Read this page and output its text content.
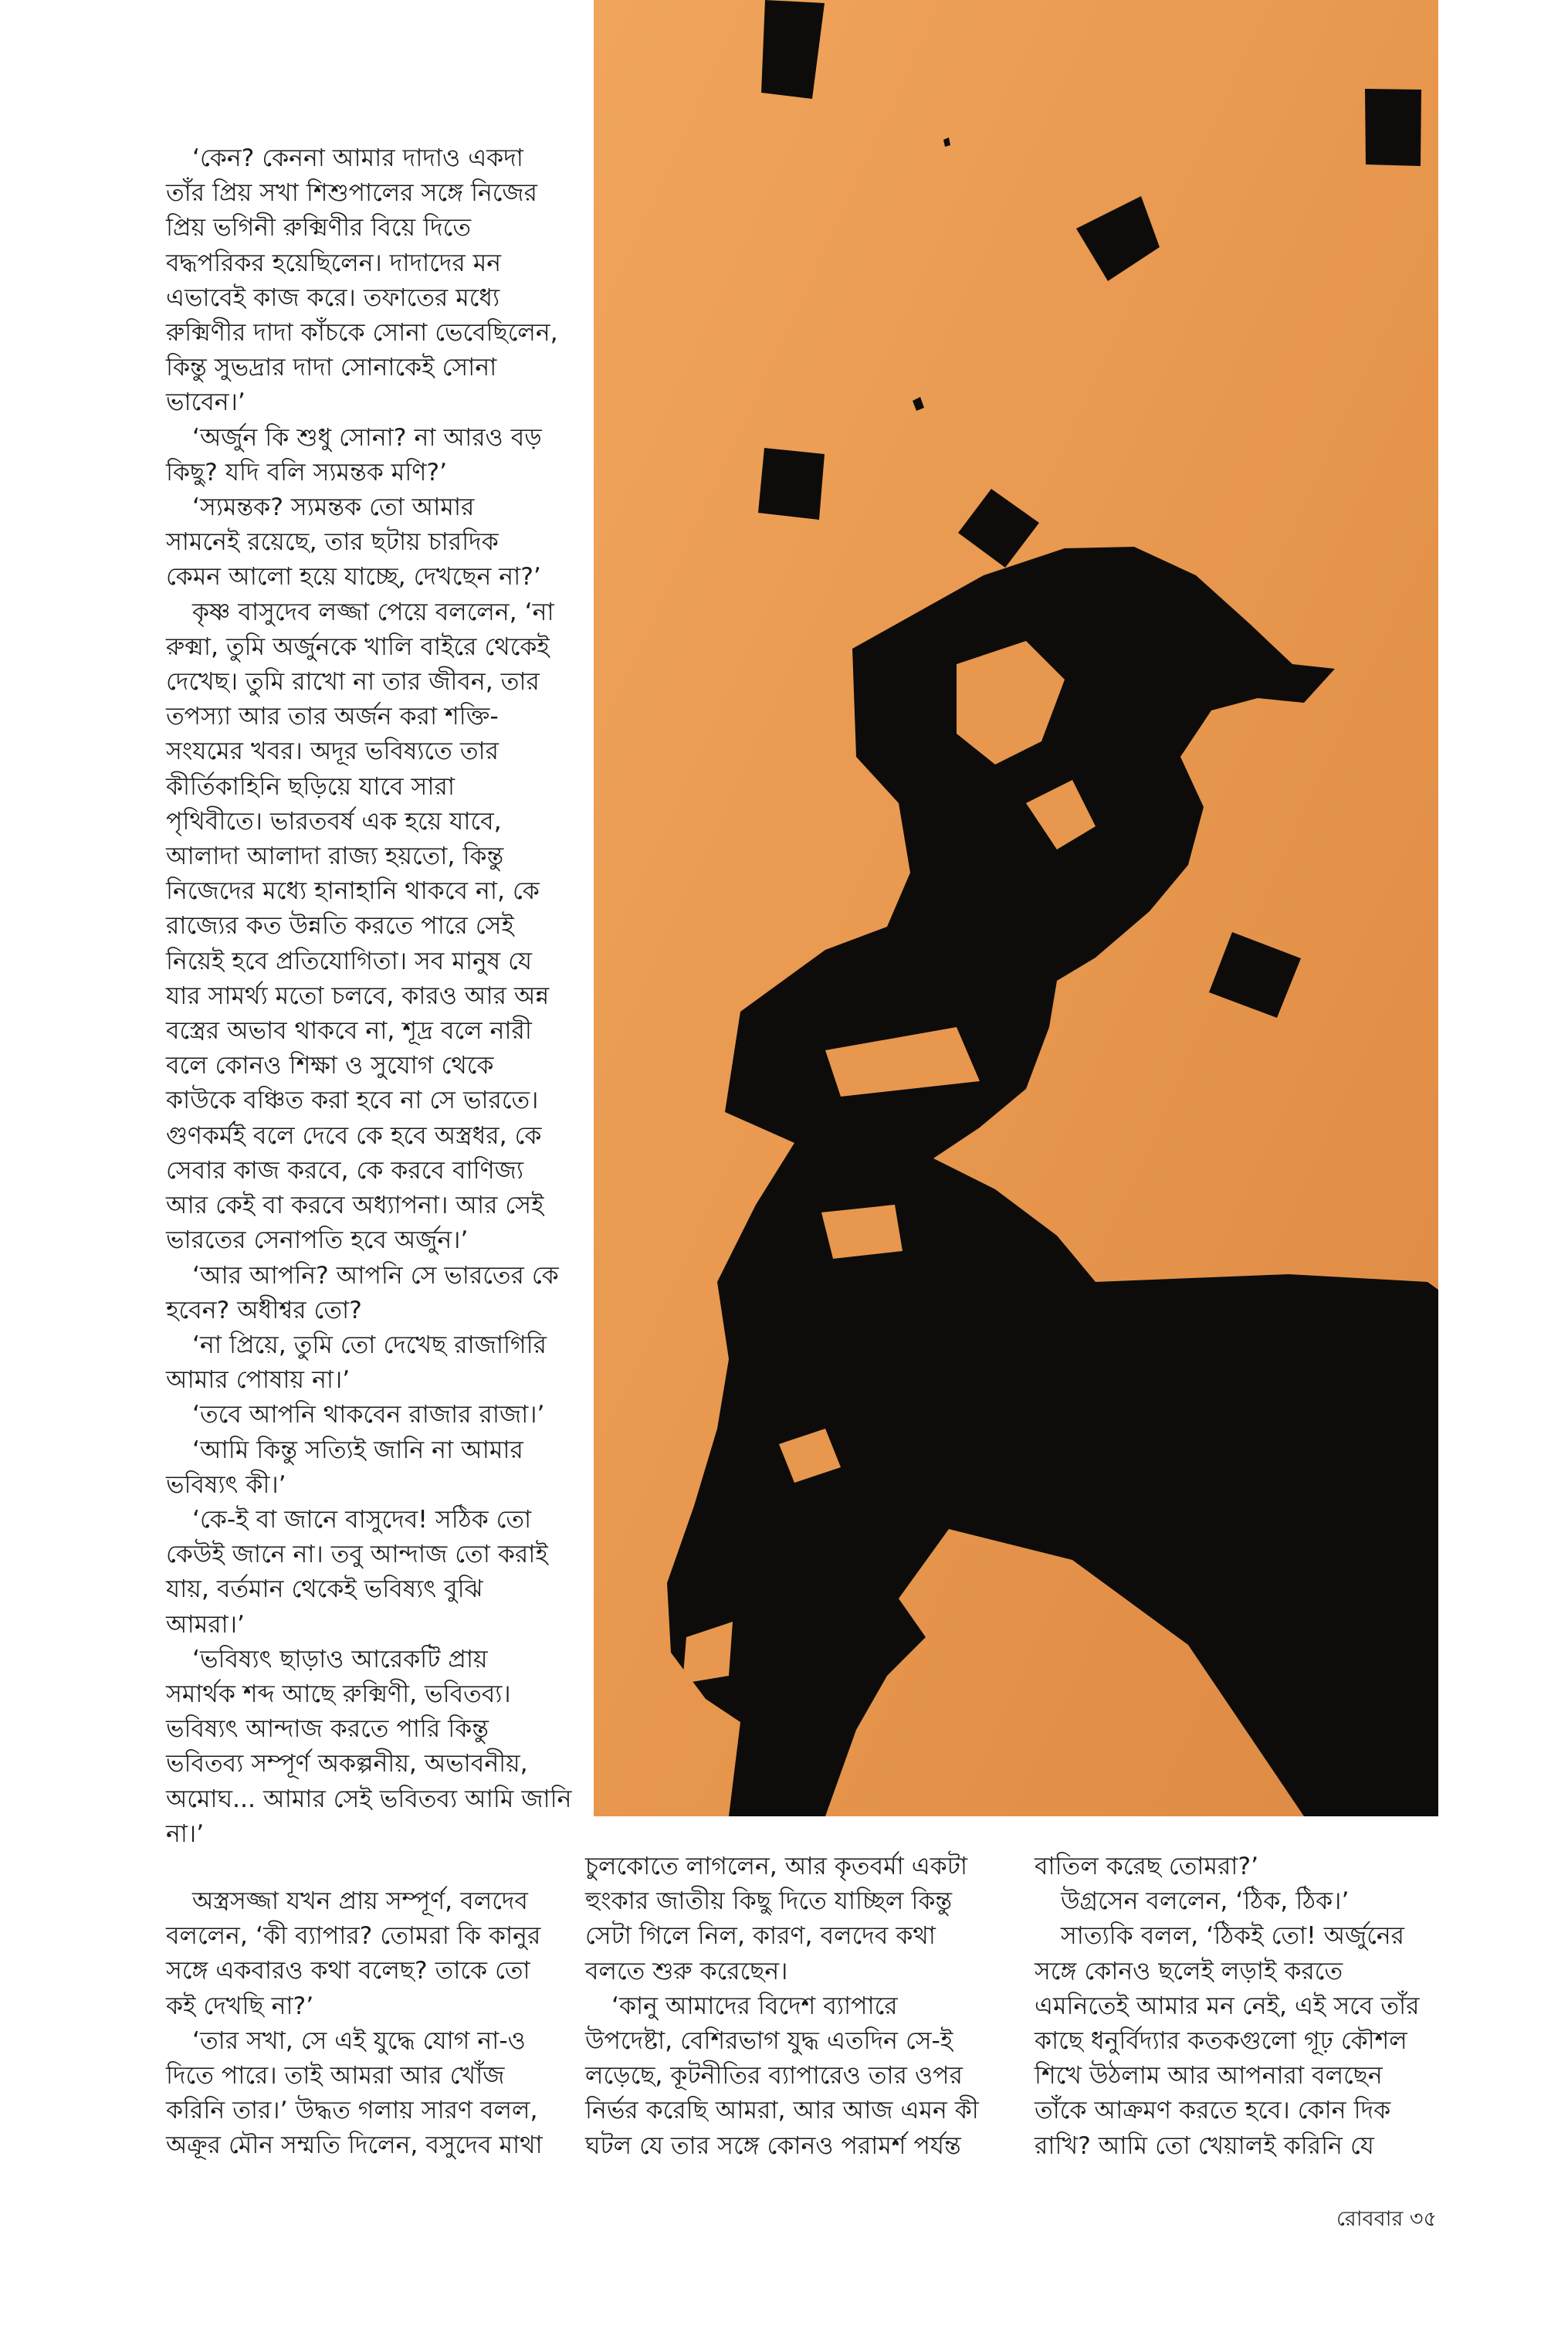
‘কেন? কেননা আমার দাদাও একদা

তাঁর প্রিয় সখা শিশুপালের সঙ্গে নিজের

প্রিয় ভগিনী রুক্মিণীর বিয়ে দিতে

বদ্ধপরিকর হয়েছিলেন। দাদাদের মন

এভাবেই কাজ করে। তফাতের মধ্যে

রুক্মিণীর দাদা কাঁচকে সোনা ভেবেছিলেন,

কিন্তু সুভদ্রার দাদা সোনাকেই সোনা

ভাবেন।’

‘অর্জুন কি শুধু সোনা? না আরও বড়

কিছু? যদি বলি স্যমন্তক মণি?’

‘স্যমন্তক? স্যমন্তক তো আমার

সামনেই রয়েছে, তার ছটায় চারদিক

কেমন আলো হয়ে যাচ্ছে, দেখছেন না?’

কৃষ্ণ বাসুদেব লজ্জা পেয়ে বললেন, ‘না

রুক্মা, তুমি অর্জুনকে খালি বাইরে থেকেই

দেখেছ। তুমি রাখো না তার জীবন, তার

তপস্যা আর তার অর্জন করা শক্তি-

সংযমের খবর। অদূর ভবিষ্যতে তার

কীর্তিকাহিনি ছড়িয়ে যাবে সারা

পৃথিবীতে। ভারতবর্ষ এক হয়ে যাবে,

আলাদা আলাদা রাজ্য হয়তো, কিন্তু

নিজেদের মধ্যে হানাহানি থাকবে না, কে

রাজ্যের কত উন্নতি করতে পারে সেই

নিয়েই হবে প্রতিযোগিতা। সব মানুষ যে

যার সামর্থ্য মতো চলবে, কারও আর অন্ন

বস্ত্রের অভাব থাকবে না, শূদ্র বলে নারী

বলে কোনও শিক্ষা ও সুযোগ থেকে

কাউকে বঞ্চিত করা হবে না সে ভারতে।

গুণকর্মই বলে দেবে কে হবে অস্ত্রধর, কে

সেবার কাজ করবে, কে করবে বাণিজ্য

আর কেই বা করবে অধ্যাপনা। আর সেই

ভারতের সেনাপতি হবে অর্জুন।’

‘আর আপনি? আপনি সে ভারতের কে

হবেন? অধীশ্বর তো?

‘না প্রিয়ে, তুমি তো দেখেছ রাজাগিরি

আমার পোষায় না।’

‘তবে আপনি থাকবেন রাজার রাজা।’

‘আমি কিন্তু সত্যিই জানি না আমার

ভবিষ্যৎ কী।’

‘কে-ই বা জানে বাসুদেব! সঠিক তো

কেউই জানে না। তবু আন্দাজ তো করাই

যায়, বর্তমান থেকেই ভবিষ্যৎ বুঝি

আমরা।’

‘ভবিষ্যৎ ছাড়াও আরেকটি প্রায়

সমার্থক শব্দ আছে রুক্মিণী, ভবিতব্য।

ভবিষ্যৎ আন্দাজ করতে পারি কিন্তু

ভবিতব্য সম্পূর্ণ অকল্পনীয়, অভাবনীয়,

অমোঘ... আমার সেই ভবিতব্য আমি জানি

না।’

অস্ত্রসজ্জা যখন প্রায় সম্পূর্ণ, বলদেব

বললেন, ‘কী ব্যাপার? তোমরা কি কানুর

সঙ্গে একবারও কথা বলেছ? তাকে তো

কই দেখছি না?’

‘তার সখা, সে এই যুদ্ধে যোগ না-ও

দিতে পারে। তাই আমরা আর খোঁজ

করিনি তার।’ উদ্ধত গলায় সারণ বলল,

অক্রূর মৌন সম্মতি দিলেন, বসুদেব মাথা

চুলকোতে লাগলেন, আর কৃতবর্মা একটা

হুংকার জাতীয় কিছু দিতে যাচ্ছিল কিন্তু

সেটা গিলে নিল, কারণ, বলদেব কথা

বলতে শুরু করেছেন।

‘কানু আমাদের বিদেশ ব্যাপারে

উপদেষ্টা, বেশিরভাগ যুদ্ধ এতদিন সে-ই

লড়েছে, কূটনীতির ব্যাপারেও তার ওপর

নির্ভর করেছি আমরা, আর আজ এমন কী

ঘটল যে তার সঙ্গে কোনও পরামর্শ পর্যন্ত

বাতিল করেছ তোমরা?’

উগ্রসেন বললেন, ‘ঠিক, ঠিক।’

সাত্যকি বলল, ‘ঠিকই তো! অর্জুনের

সঙ্গে কোনও ছলেই লড়াই করতে

এমনিতেই আমার মন নেই, এই সবে তাঁর

কাছে ধনুর্বিদ্যার কতকগুলো গূঢ় কৌশল

শিখে উঠলাম আর আপনারা বলছেন

তাঁকে আক্রমণ করতে হবে। কোন দিক

রাখি? আমি তো খেয়ালই করিনি যে

রোববার ৩৫
